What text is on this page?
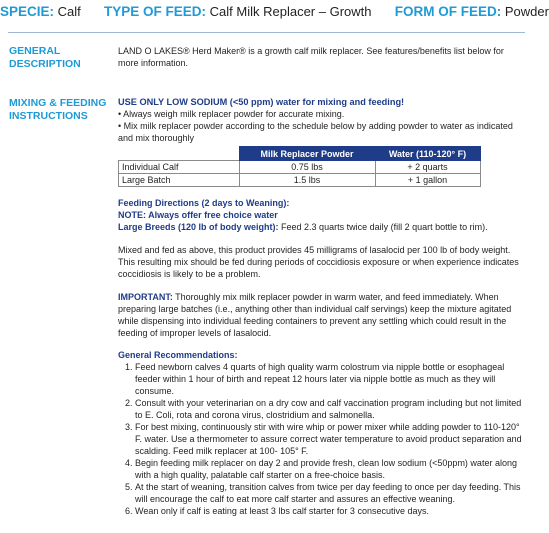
SPECIE: Calf TYPE OF FEED: Calf Milk Replacer – Growth FORM OF FEED: Powder
GENERAL
DESCRIPTION
LAND O LAKES® Herd Maker® is a growth calf milk replacer. See features/benefits list below for more information.
MIXING & FEEDING
INSTRUCTIONS
USE ONLY LOW SODIUM (<50 ppm) water for mixing and feeding!
• Always weigh milk replacer powder for accurate mixing.
• Mix milk replacer powder according to the schedule below by adding powder to water as indicated and mix thoroughly
	Milk Replacer Powder	Water (110-120° F)
Individual Calf	0.75 lbs	+ 2 quarts
Large Batch	1.5 lbs	+ 1 gallon
Feeding Directions (2 days to Weaning):
NOTE: Always offer free choice water
Large Breeds (120 lb of body weight): Feed 2.3 quarts twice daily (fill 2 quart bottle to rim).

Mixed and fed as above, this product provides 45 milligrams of lasalocid per 100 lb of body weight. This resulting mix should be fed during periods of coccidiosis exposure or when experience indicates coccidiosis is likely to be a problem.

IMPORTANT: Thoroughly mix milk replacer powder in warm water, and feed immediately. When preparing large batches (i.e., anything other than individual calf servings) keep the mixture agitated while dispensing into individual feeding containers to prevent any settling which could result in the feeding of improper levels of lasalocid.

General Recommendations:
1. Feed newborn calves 4 quarts of high quality warm colostrum via nipple bottle or esophageal feeder within 1 hour of birth and repeat 12 hours later via nipple bottle as much as they will consume.
2. Consult with your veterinarian on a dry cow and calf vaccination program including but not limited to E. Coli, rota and corona virus, clostridium and salmonella.
3. For best mixing, continuously stir with wire whip or power mixer while adding powder to 110-120° F. water. Use a thermometer to assure correct water temperature to avoid product separation and scalding. Feed milk replacer at 100- 105° F.
4. Begin feeding milk replacer on day 2 and provide fresh, clean low sodium (<50ppm) water along with a high quality, palatable calf starter on a free-choice basis.
5. At the start of weaning, transition calves from twice per day feeding to once per day feeding. This will encourage the calf to eat more calf starter and assures an effective weaning.
6. Wean only if calf is eating at least 3 lbs calf starter for 3 consecutive days.
